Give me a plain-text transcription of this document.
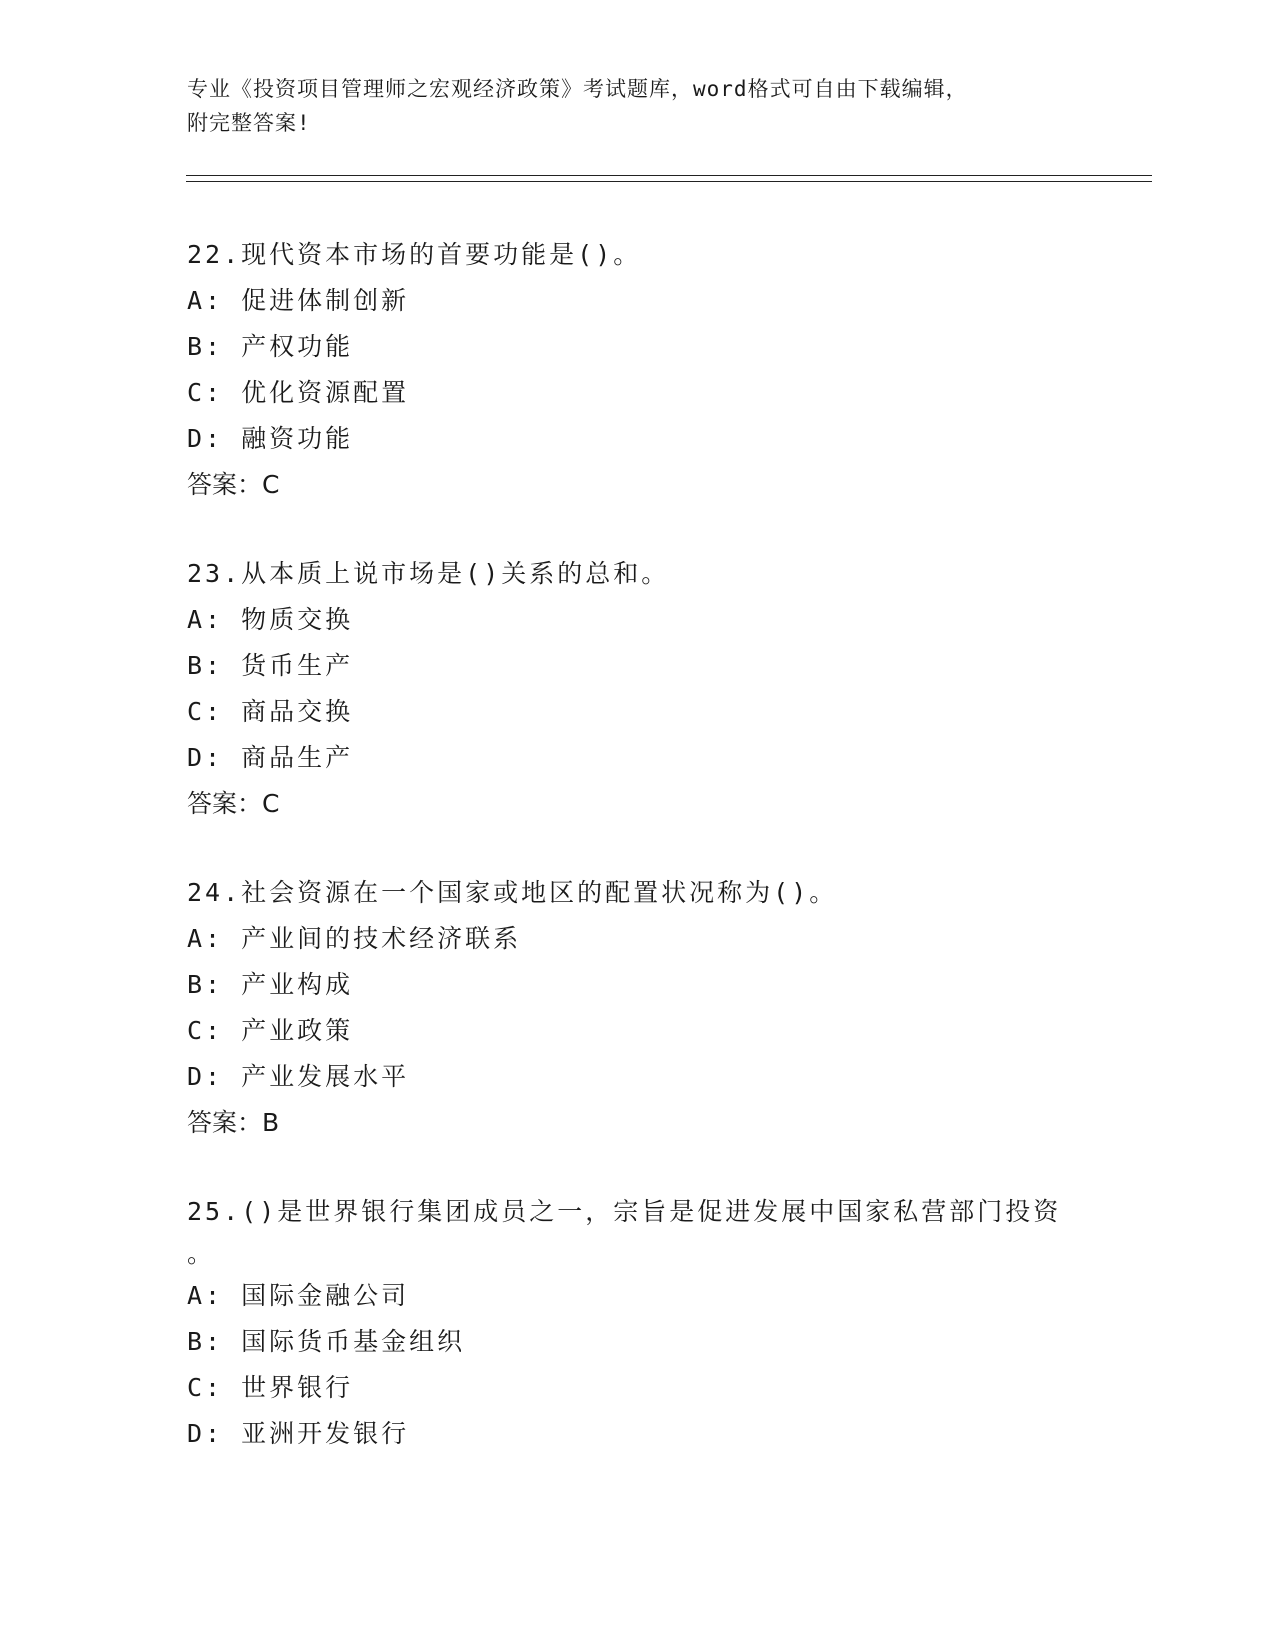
专业《投资项目管理师之宏观经济政策》考试题库，word格式可自由下载编辑，
附完整答案!
22.现代资本市场的首要功能是()。
A: 促进体制创新
B: 产权功能
C: 优化资源配置
D: 融资功能
答案：C
23.从本质上说市场是()关系的总和。
A: 物质交换
B: 货币生产
C: 商品交换
D: 商品生产
答案：C
24.社会资源在一个国家或地区的配置状况称为()。
A: 产业间的技术经济联系
B: 产业构成
C: 产业政策
D: 产业发展水平
答案：B
25.()是世界银行集团成员之一，宗旨是促进发展中国家私营部门投资
。
A: 国际金融公司
B: 国际货币基金组织
C: 世界银行
D: 亚洲开发银行
